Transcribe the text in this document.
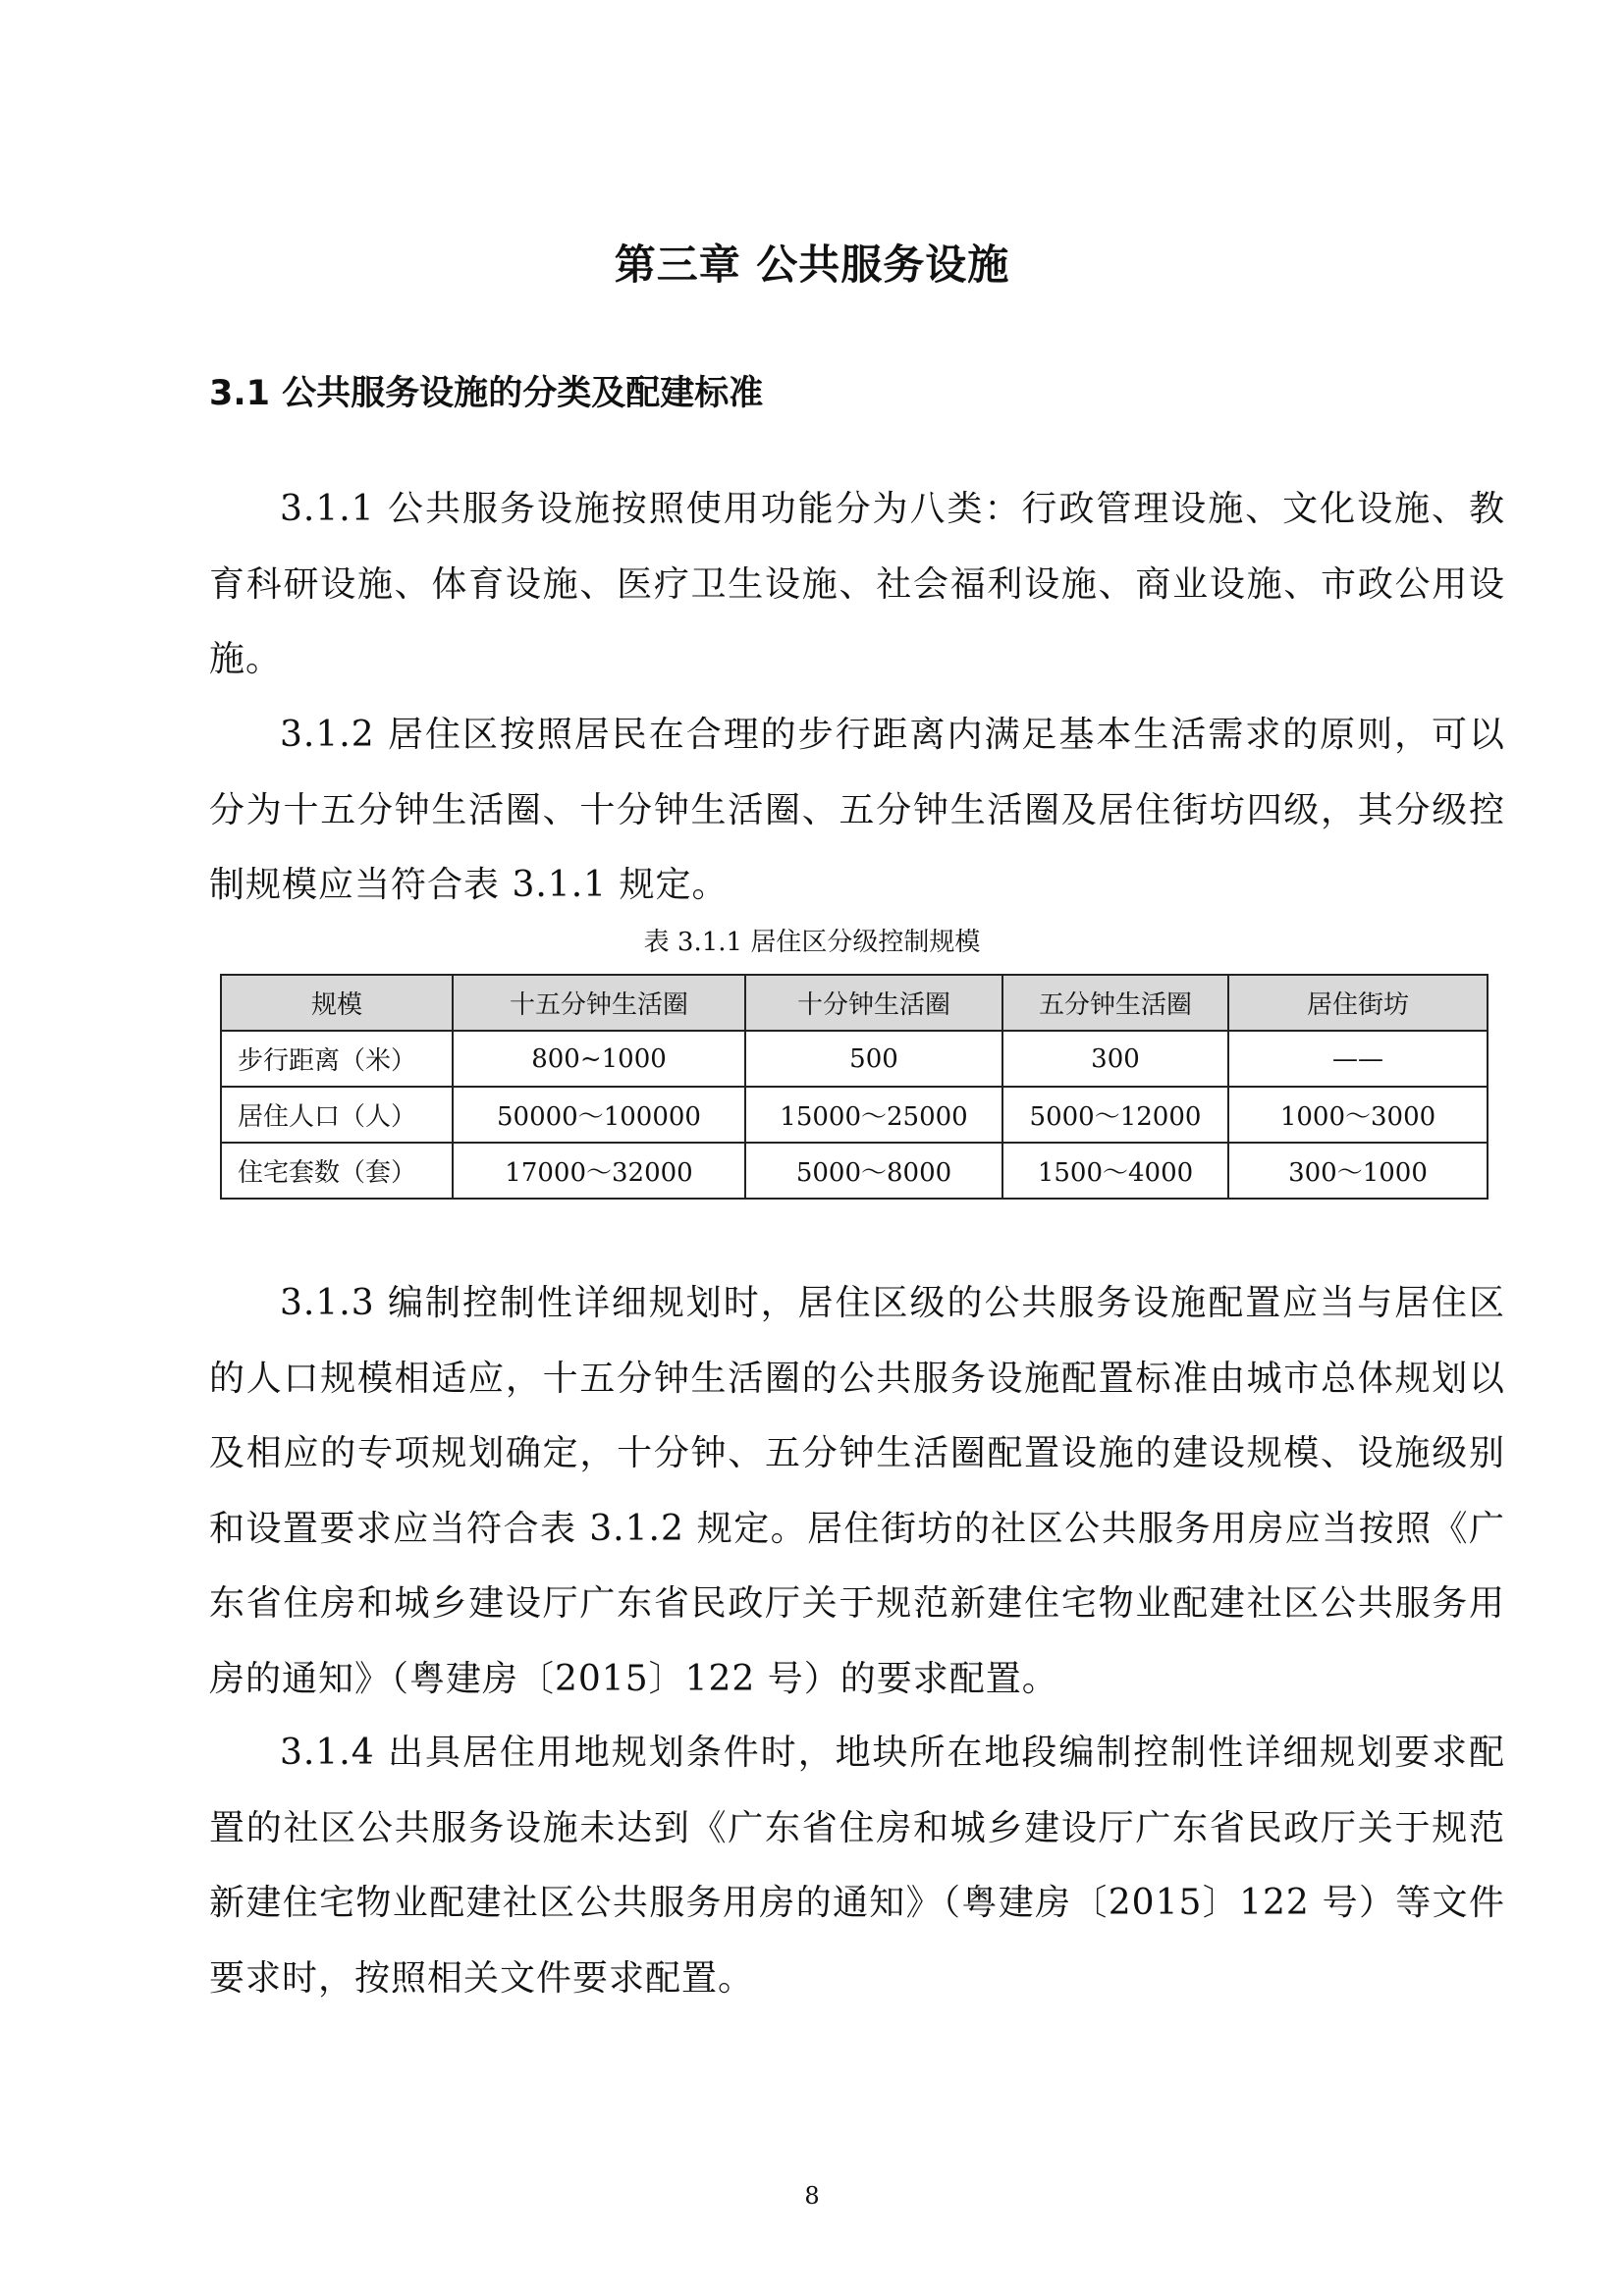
第三章 公共服务设施
3.1 公共服务设施的分类及配建标准

3.1.1 公共服务设施按照使用功能分为八类：行政管理设施、文化设施、教育科研设施、体育设施、医疗卫生设施、社会福利设施、商业设施、市政公用设施。

3.1.2 居住区按照居民在合理的步行距离内满足基本生活需求的原则，可以分为十五分钟生活圈、十分钟生活圈、五分钟生活圈及居住街坊四级，其分级控制规模应当符合表 3.1.1 规定。

表 3.1.1 居住区分级控制规模

规模	十五分钟生活圈	十分钟生活圈	五分钟生活圈	居住街坊
步行距离（米）	800~1000	500	300	——
居住人口（人）	50000～100000	15000～25000	5000～12000	1000～3000
住宅套数（套）	17000～32000	5000～8000	1500～4000	300～1000

3.1.3 编制控制性详细规划时，居住区级的公共服务设施配置应当与居住区的人口规模相适应，十五分钟生活圈的公共服务设施配置标准由城市总体规划以及相应的专项规划确定，十分钟、五分钟生活圈配置设施的建设规模、设施级别和设置要求应当符合表 3.1.2 规定。居住街坊的社区公共服务用房应当按照《广东省住房和城乡建设厅广东省民政厅关于规范新建住宅物业配建社区公共服务用房的通知》（粤建房〔2015〕122 号）的要求配置。

3.1.4 出具居住用地规划条件时，地块所在地段编制控制性详细规划要求配置的社区公共服务设施未达到《广东省住房和城乡建设厅广东省民政厅关于规范新建住宅物业配建社区公共服务用房的通知》（粤建房〔2015〕122 号）等文件要求时，按照相关文件要求配置。

8
